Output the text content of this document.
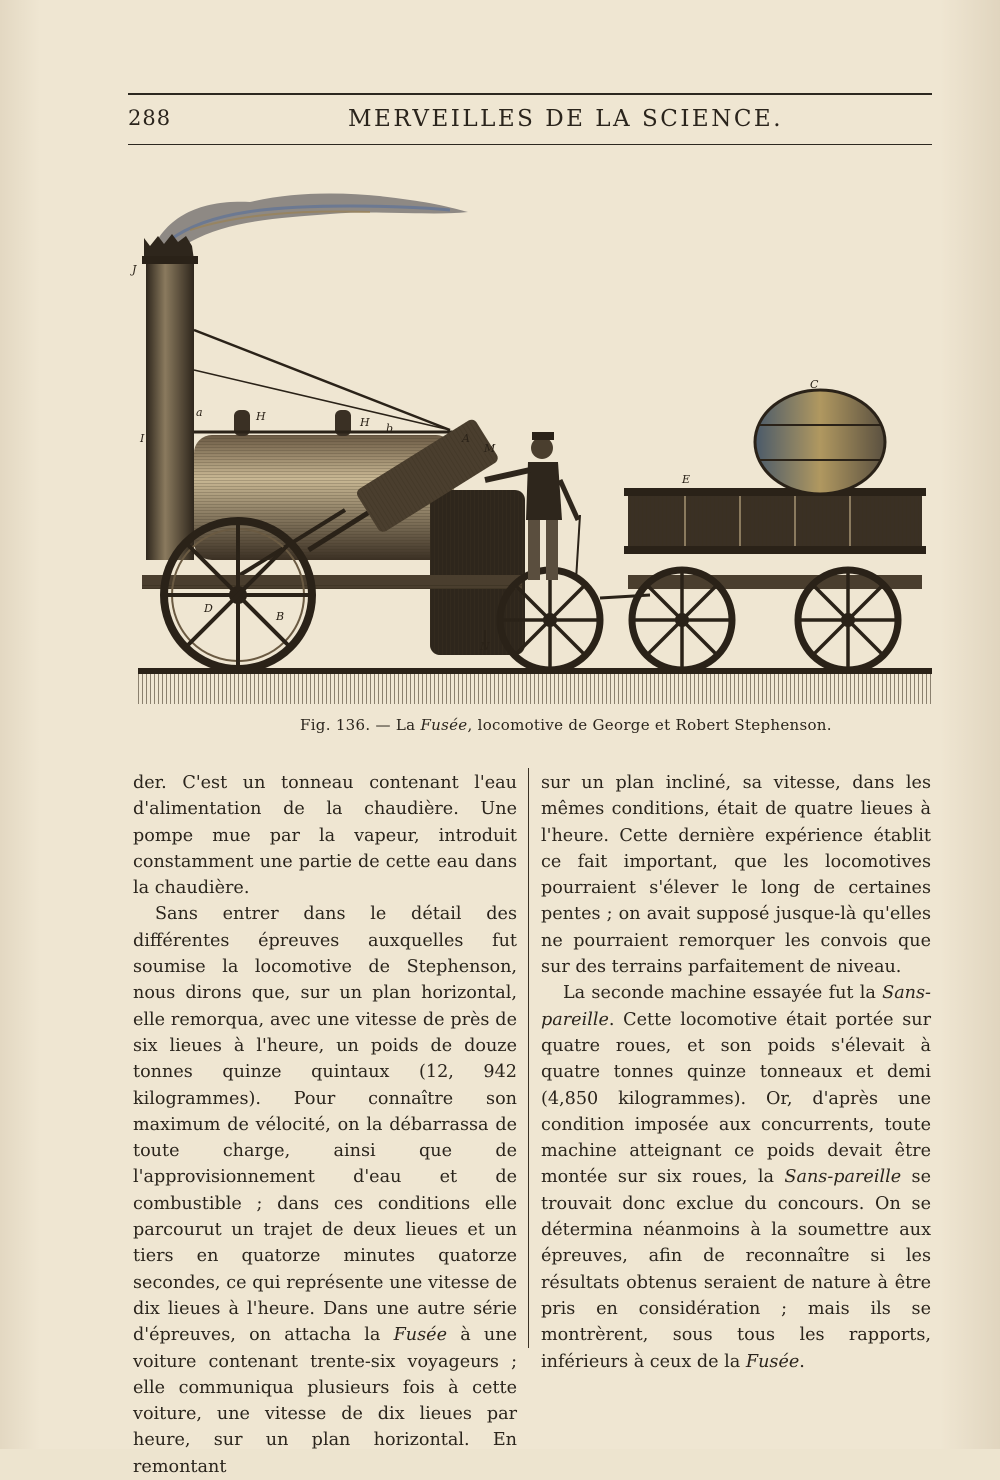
288	MERVEILLES DE LA SCIENCE.
J
I
a	H	H b
A
M
C
E
D
B
N
Fig. 136. — La Fusée, locomotive de George et Robert Stephenson.

der. C'est un tonneau contenant l'eau d'alimentation de la chaudière. Une pompe mue par la vapeur, introduit constamment une partie de cette eau dans la chaudière.

Sans entrer dans le détail des différentes épreuves auxquelles fut soumise la locomotive de Stephenson, nous dirons que, sur un plan horizontal, elle remorqua, avec une vitesse de près de six lieues à l'heure, un poids de douze tonnes quinze quintaux (12, 942 kilogrammes). Pour connaître son maximum de vélocité, on la débarrassa de toute charge, ainsi que de l'approvisionnement d'eau et de combustible ; dans ces conditions elle parcourut un trajet de deux lieues et un tiers en quatorze minutes quatorze secondes, ce qui représente une vitesse de dix lieues à l'heure. Dans une autre série d'épreuves, on attacha la Fusée à une voiture contenant trente-six voyageurs ; elle communiqua plusieurs fois à cette voiture, une vitesse de dix lieues par heure, sur un plan horizontal. En remontant

sur un plan incliné, sa vitesse, dans les mêmes conditions, était de quatre lieues à l'heure. Cette dernière expérience établit ce fait important, que les locomotives pourraient s'élever le long de certaines pentes ; on avait supposé jusque-là qu'elles ne pourraient remorquer les convois que sur des terrains parfaitement de niveau.

La seconde machine essayée fut la Sans-pareille. Cette locomotive était portée sur quatre roues, et son poids s'élevait à quatre tonnes quinze tonneaux et demi (4,850 kilogrammes). Or, d'après une condition imposée aux concurrents, toute machine atteignant ce poids devait être montée sur six roues, la Sans-pareille se trouvait donc exclue du concours. On se détermina néanmoins à la soumettre aux épreuves, afin de reconnaître si les résultats obtenus seraient de nature à être pris en considération ; mais ils se montrèrent, sous tous les rapports, inférieurs à ceux de la Fusée.
